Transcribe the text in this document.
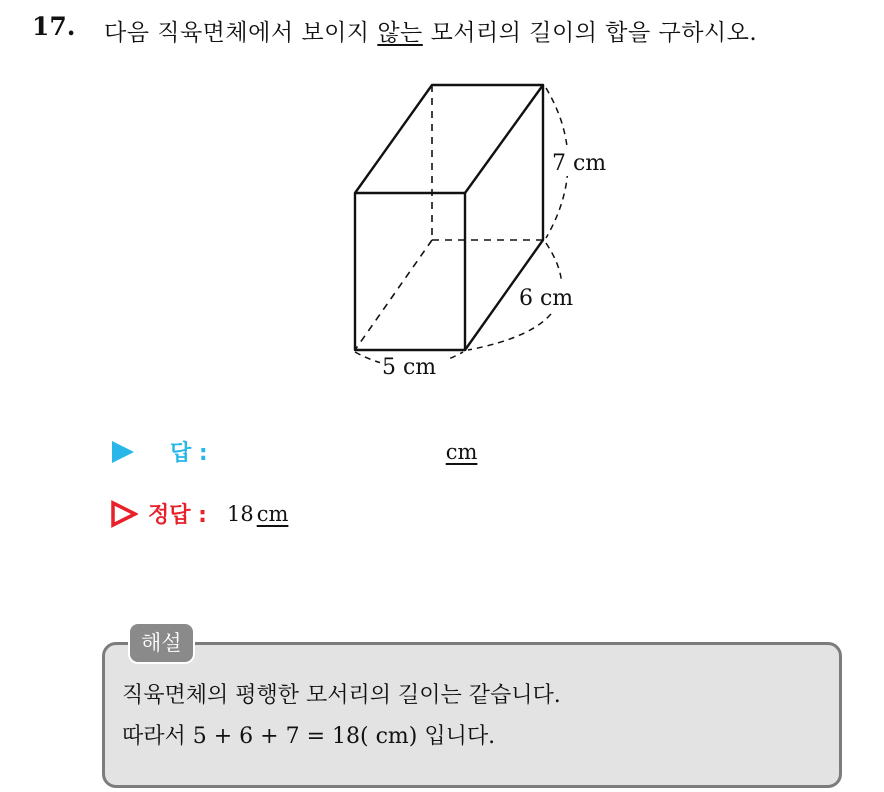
17. 다음 직육면체에서 보이지 않는 모서리의 길이의 합을 구하시오.
7 cm
6 cm
5 cm
답 :	cm
정답 : 18 cm
해설
직육면체의 평행한 모서리의 길이는 같습니다.
따라서 5 + 6 + 7 = 18( cm) 입니다.
